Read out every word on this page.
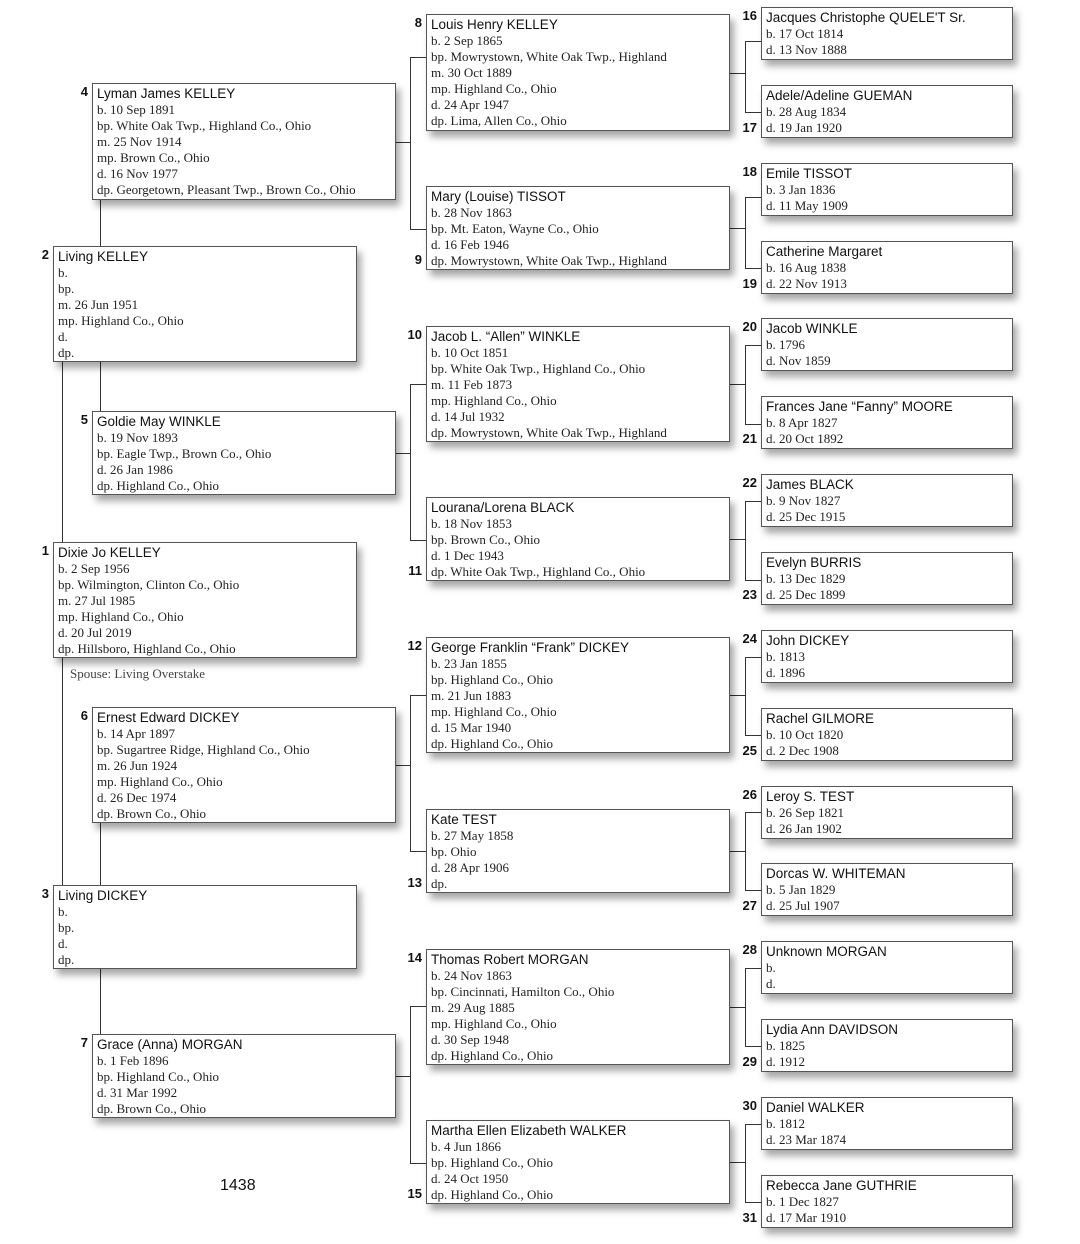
1438
Spouse: Living Overstake
Dixie Jo KELLEY
b. 2 Sep 1956
bp. Wilmington, Clinton Co., Ohio
m. 27 Jul 1985
mp. Highland Co., Ohio
d. 20 Jul 2019
dp. Hillsboro, Highland Co., Ohio
1
Living KELLEY
b.
bp.
m. 26 Jun 1951
mp. Highland Co., Ohio
d.
dp.
2
Living DICKEY
b.
bp.
d.
dp.
3
Lyman James KELLEY
b. 10 Sep 1891
bp. White Oak Twp., Highland Co., Ohio
m. 25 Nov 1914
mp. Brown Co., Ohio
d. 16 Nov 1977
dp. Georgetown, Pleasant Twp., Brown Co., Ohio
4
Goldie May WINKLE
b. 19 Nov 1893
bp. Eagle Twp., Brown Co., Ohio
d. 26 Jan 1986
dp. Highland Co., Ohio
5
Ernest Edward DICKEY
b. 14 Apr 1897
bp. Sugartree Ridge, Highland Co., Ohio
m. 26 Jun 1924
mp. Highland Co., Ohio
d. 26 Dec 1974
dp. Brown Co., Ohio
6
Grace (Anna) MORGAN
b. 1 Feb 1896
bp. Highland Co., Ohio
d. 31 Mar 1992
dp. Brown Co., Ohio
7
Louis Henry KELLEY
b. 2 Sep 1865
bp. Mowrystown, White Oak Twp., Highland
m. 30 Oct 1889
mp. Highland Co., Ohio
d. 24 Apr 1947
dp. Lima, Allen Co., Ohio
8
Mary (Louise) TISSOT
b. 28 Nov 1863
bp. Mt. Eaton, Wayne Co., Ohio
d. 16 Feb 1946
dp. Mowrystown, White Oak Twp., Highland
9
Jacob L. “Allen” WINKLE
b. 10 Oct 1851
bp. White Oak Twp., Highland Co., Ohio
m. 11 Feb 1873
mp. Highland Co., Ohio
d. 14 Jul 1932
dp. Mowrystown, White Oak Twp., Highland
10
Lourana/Lorena BLACK
b. 18 Nov 1853
bp. Brown Co., Ohio
d. 1 Dec 1943
dp. White Oak Twp., Highland Co., Ohio
11
George Franklin “Frank” DICKEY
b. 23 Jan 1855
bp. Highland Co., Ohio
m. 21 Jun 1883
mp. Highland Co., Ohio
d. 15 Mar 1940
dp. Highland Co., Ohio
12
Kate TEST
b. 27 May 1858
bp. Ohio
d. 28 Apr 1906
dp.
13
Thomas Robert MORGAN
b. 24 Nov 1863
bp. Cincinnati, Hamilton Co., Ohio
m. 29 Aug 1885
mp. Highland Co., Ohio
d. 30 Sep 1948
dp. Highland Co., Ohio
14
Martha Ellen Elizabeth WALKER
b. 4 Jun 1866
bp. Highland Co., Ohio
d. 24 Oct 1950
dp. Highland Co., Ohio
15
Jacques Christophe QUELE'T Sr.
b. 17 Oct 1814
d. 13 Nov 1888
16
Adele/Adeline GUEMAN
b. 28 Aug 1834
d. 19 Jan 1920
17
Emile TISSOT
b. 3 Jan 1836
d. 11 May 1909
18
Catherine Margaret
b. 16 Aug 1838
d. 22 Nov 1913
19
Jacob WINKLE
b. 1796
d. Nov 1859
20
Frances Jane “Fanny” MOORE
b. 8 Apr 1827
d. 20 Oct 1892
21
James BLACK
b. 9 Nov 1827
d. 25 Dec 1915
22
Evelyn BURRIS
b. 13 Dec 1829
d. 25 Dec 1899
23
John DICKEY
b. 1813
d. 1896
24
Rachel GILMORE
b. 10 Oct 1820
d. 2 Dec 1908
25
Leroy S. TEST
b. 26 Sep 1821
d. 26 Jan 1902
26
Dorcas W. WHITEMAN
b. 5 Jan 1829
d. 25 Jul 1907
27
Unknown MORGAN
b.
d.
28
Lydia Ann DAVIDSON
b. 1825
d. 1912
29
Daniel WALKER
b. 1812
d. 23 Mar 1874
30
Rebecca Jane GUTHRIE
b. 1 Dec 1827
d. 17 Mar 1910
31
